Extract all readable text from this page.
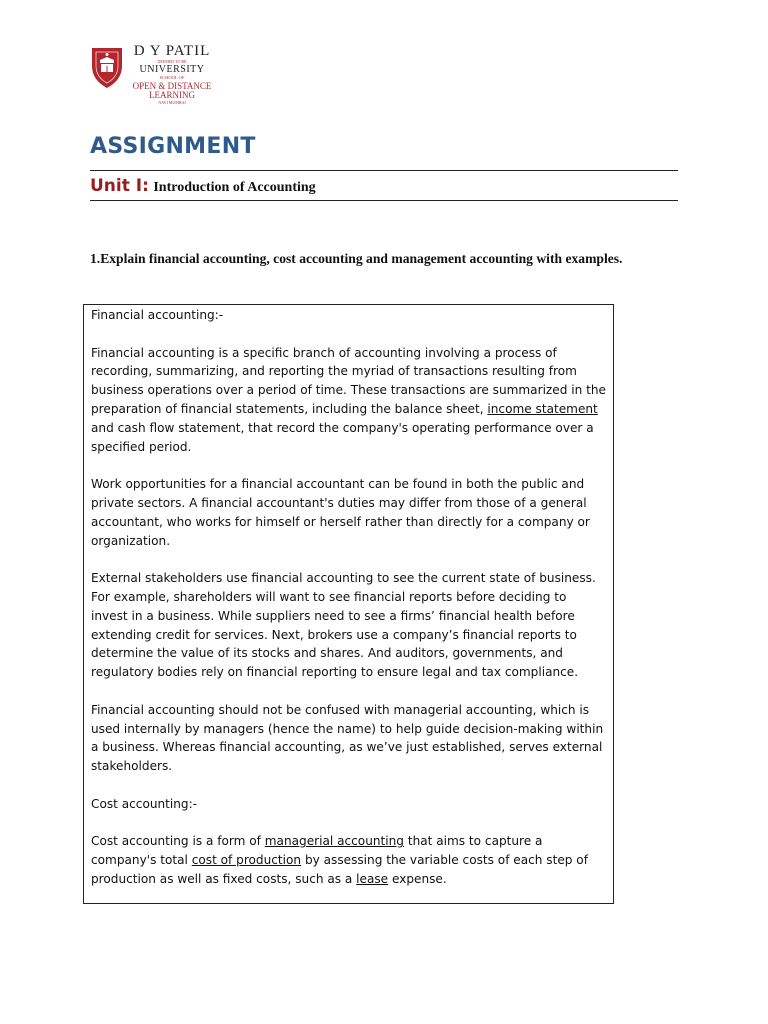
D Y PATIL
DEEMED TO BE
UNIVERSITY
SCHOOL OF
OPEN & DISTANCE
LEARNING
NAVI MUMBAI
ASSIGNMENT
Unit I: Introduction of Accounting
1.Explain financial accounting, cost accounting and management accounting with examples.

Financial accounting:-

Financial accounting is a specific branch of accounting involving a process of recording, summarizing, and reporting the myriad of transactions resulting from business operations over a period of time. These transactions are summarized in the preparation of financial statements, including the balance sheet, income statement and cash flow statement, that record the company's operating performance over a specified period.

Work opportunities for a financial accountant can be found in both the public and private sectors. A financial accountant's duties may differ from those of a general accountant, who works for himself or herself rather than directly for a company or organization.

External stakeholders use financial accounting to see the current state of business. For example, shareholders will want to see financial reports before deciding to invest in a business. While suppliers need to see a firms’ financial health before extending credit for services. Next, brokers use a company’s financial reports to determine the value of its stocks and shares. And auditors, governments, and regulatory bodies rely on financial reporting to ensure legal and tax compliance.

Financial accounting should not be confused with managerial accounting, which is used internally by managers (hence the name) to help guide decision-making within a business. Whereas financial accounting, as we’ve just established, serves external stakeholders.

Cost accounting:-

Cost accounting is a form of managerial accounting that aims to capture a company's total cost of production by assessing the variable costs of each step of production as well as fixed costs, such as a lease expense.
